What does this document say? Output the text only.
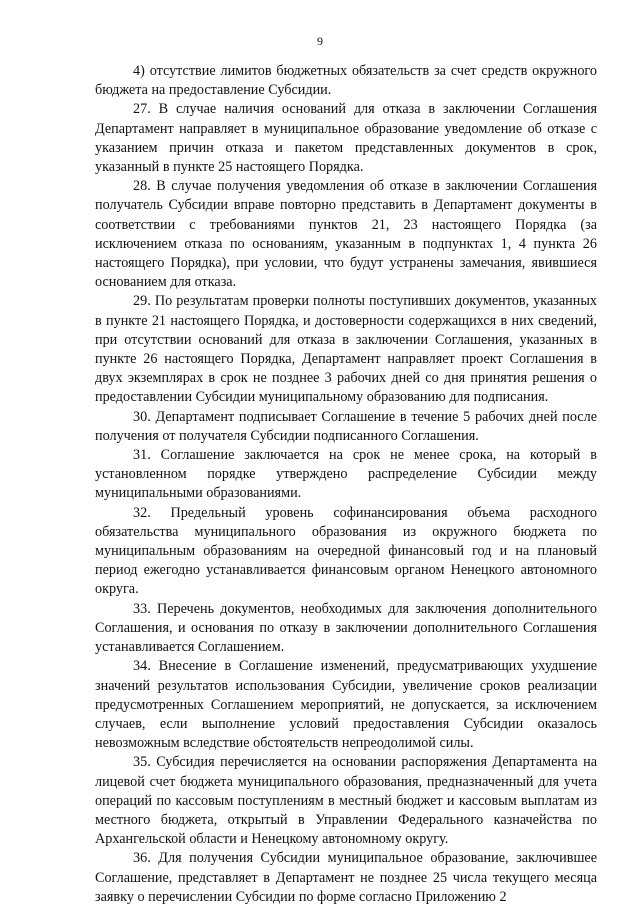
9

4) отсутствие лимитов бюджетных обязательств за счет средств окружного бюджета на предоставление Субсидии.

27. В случае наличия оснований для отказа в заключении Соглашения Департамент направляет в муниципальное образование уведомление об отказе с указанием причин отказа и пакетом представленных документов в срок, указанный в пункте 25 настоящего Порядка.

28. В случае получения уведомления об отказе в заключении Соглашения получатель Субсидии вправе повторно представить в Департамент документы в соответствии с требованиями пунктов 21, 23 настоящего Порядка (за исключением отказа по основаниям, указанным в подпунктах 1, 4 пункта 26 настоящего Порядка), при условии, что будут устранены замечания, явившиеся основанием для отказа.

29. По результатам проверки полноты поступивших документов, указанных в пункте 21 настоящего Порядка, и достоверности содержащихся в них сведений, при отсутствии оснований для отказа в заключении Соглашения, указанных в пункте 26 настоящего Порядка, Департамент направляет проект Соглашения в двух экземплярах в срок не позднее 3 рабочих дней со дня принятия решения о предоставлении Субсидии муниципальному образованию для подписания.

30. Департамент подписывает Соглашение в течение 5 рабочих дней после получения от получателя Субсидии подписанного Соглашения.

31. Соглашение заключается на срок не менее срока, на который в установленном порядке утверждено распределение Субсидии между муниципальными образованиями.

32. Предельный уровень софинансирования объема расходного обязательства муниципального образования из окружного бюджета по муниципальным образованиям на очередной финансовый год и на плановый период ежегодно устанавливается финансовым органом Ненецкого автономного округа.

33. Перечень документов, необходимых для заключения дополнительного Соглашения, и основания по отказу в заключении дополнительного Соглашения устанавливается Соглашением.

34. Внесение в Соглашение изменений, предусматривающих ухудшение значений результатов использования Субсидии, увеличение сроков реализации предусмотренных Соглашением мероприятий, не допускается, за исключением случаев, если выполнение условий предоставления Субсидии оказалось невозможным вследствие обстоятельств непреодолимой силы.

35. Субсидия перечисляется на основании распоряжения Департамента на лицевой счет бюджета муниципального образования, предназначенный для учета операций по кассовым поступлениям в местный бюджет и кассовым выплатам из местного бюджета, открытый в Управлении Федерального казначейства по Архангельской области и Ненецкому автономному округу.

36. Для получения Субсидии муниципальное образование, заключившее Соглашение, представляет в Департамент не позднее 25 числа текущего месяца заявку о перечислении Субсидии по форме согласно Приложению 2
